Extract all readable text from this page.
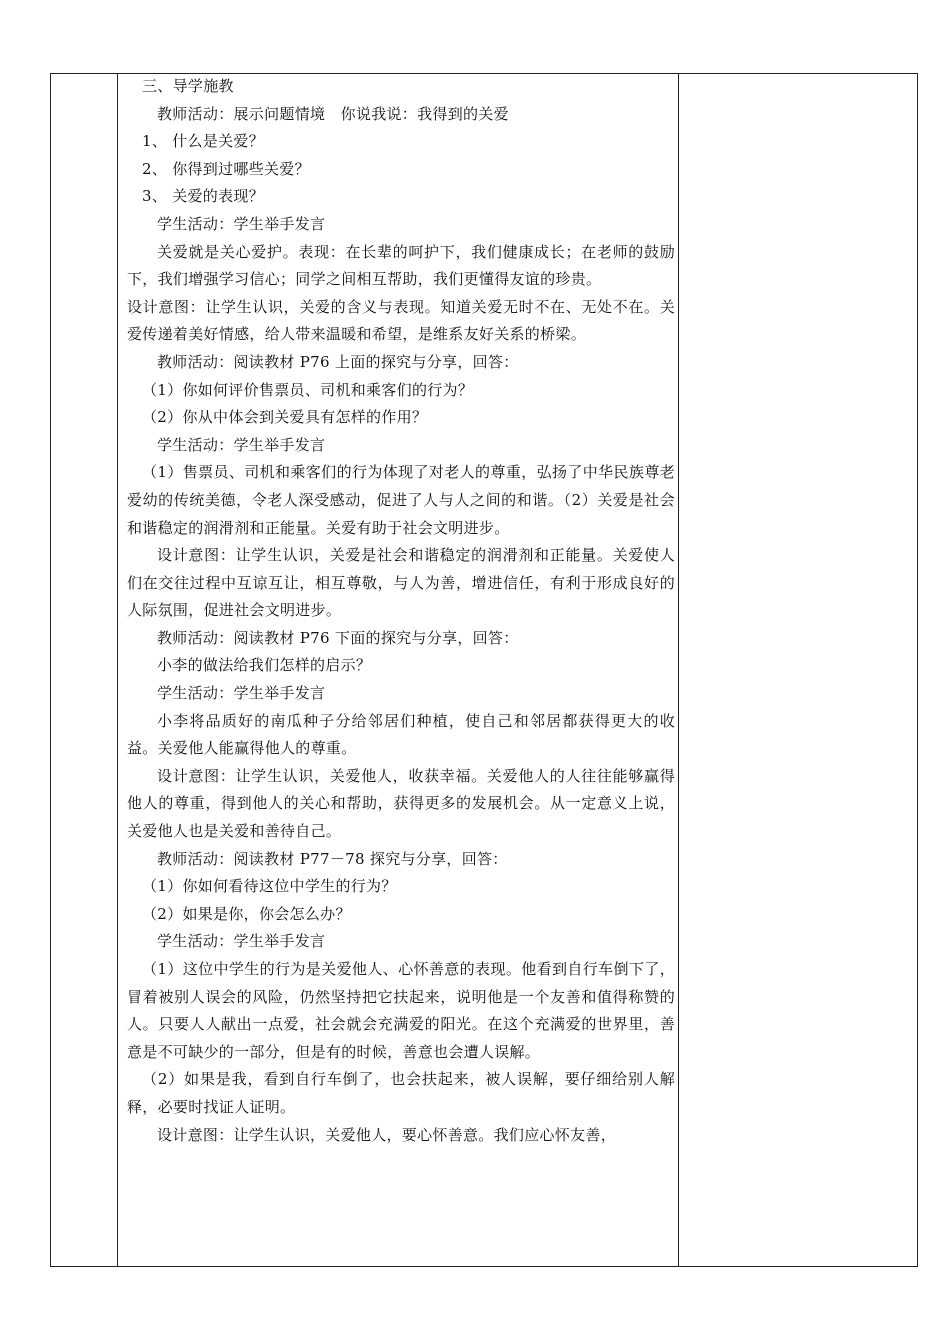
三、导学施教

教师活动：展示问题情境　你说我说：我得到的关爱

1、 什么是关爱？

2、 你得到过哪些关爱？

3、 关爱的表现？

学生活动：学生举手发言

关爱就是关心爱护。表现：在长辈的呵护下，我们健康成长；在老师的鼓励下，我们增强学习信心；同学之间相互帮助，我们更懂得友谊的珍贵。

设计意图：让学生认识，关爱的含义与表现。知道关爱无时不在、无处不在。关爱传递着美好情感，给人带来温暖和希望，是维系友好关系的桥梁。

教师活动：阅读教材 P76 上面的探究与分享，回答：

（1）你如何评价售票员、司机和乘客们的行为？

（2）你从中体会到关爱具有怎样的作用？

学生活动：学生举手发言

（1）售票员、司机和乘客们的行为体现了对老人的尊重，弘扬了中华民族尊老爱幼的传统美德，令老人深受感动，促进了人与人之间的和谐。（2）关爱是社会和谐稳定的润滑剂和正能量。关爱有助于社会文明进步。

设计意图：让学生认识，关爱是社会和谐稳定的润滑剂和正能量。关爱使人们在交往过程中互谅互让，相互尊敬，与人为善，增进信任，有利于形成良好的人际氛围，促进社会文明进步。

教师活动：阅读教材 P76 下面的探究与分享，回答：

小李的做法给我们怎样的启示？

学生活动：学生举手发言

小李将品质好的南瓜种子分给邻居们种植，使自己和邻居都获得更大的收益。关爱他人能赢得他人的尊重。

设计意图：让学生认识，关爱他人，收获幸福。关爱他人的人往往能够赢得他人的尊重，得到他人的关心和帮助，获得更多的发展机会。从一定意义上说，关爱他人也是关爱和善待自己。

教师活动：阅读教材 P77－78 探究与分享，回答：

（1）你如何看待这位中学生的行为？

（2）如果是你，你会怎么办？

学生活动：学生举手发言

（1）这位中学生的行为是关爱他人、心怀善意的表现。他看到自行车倒下了，冒着被别人误会的风险，仍然坚持把它扶起来，说明他是一个友善和值得称赞的人。只要人人献出一点爱，社会就会充满爱的阳光。在这个充满爱的世界里，善意是不可缺少的一部分，但是有的时候，善意也会遭人误解。

（2）如果是我，看到自行车倒了，也会扶起来，被人误解，要仔细给别人解释，必要时找证人证明。

设计意图：让学生认识，关爱他人，要心怀善意。我们应心怀友善，
